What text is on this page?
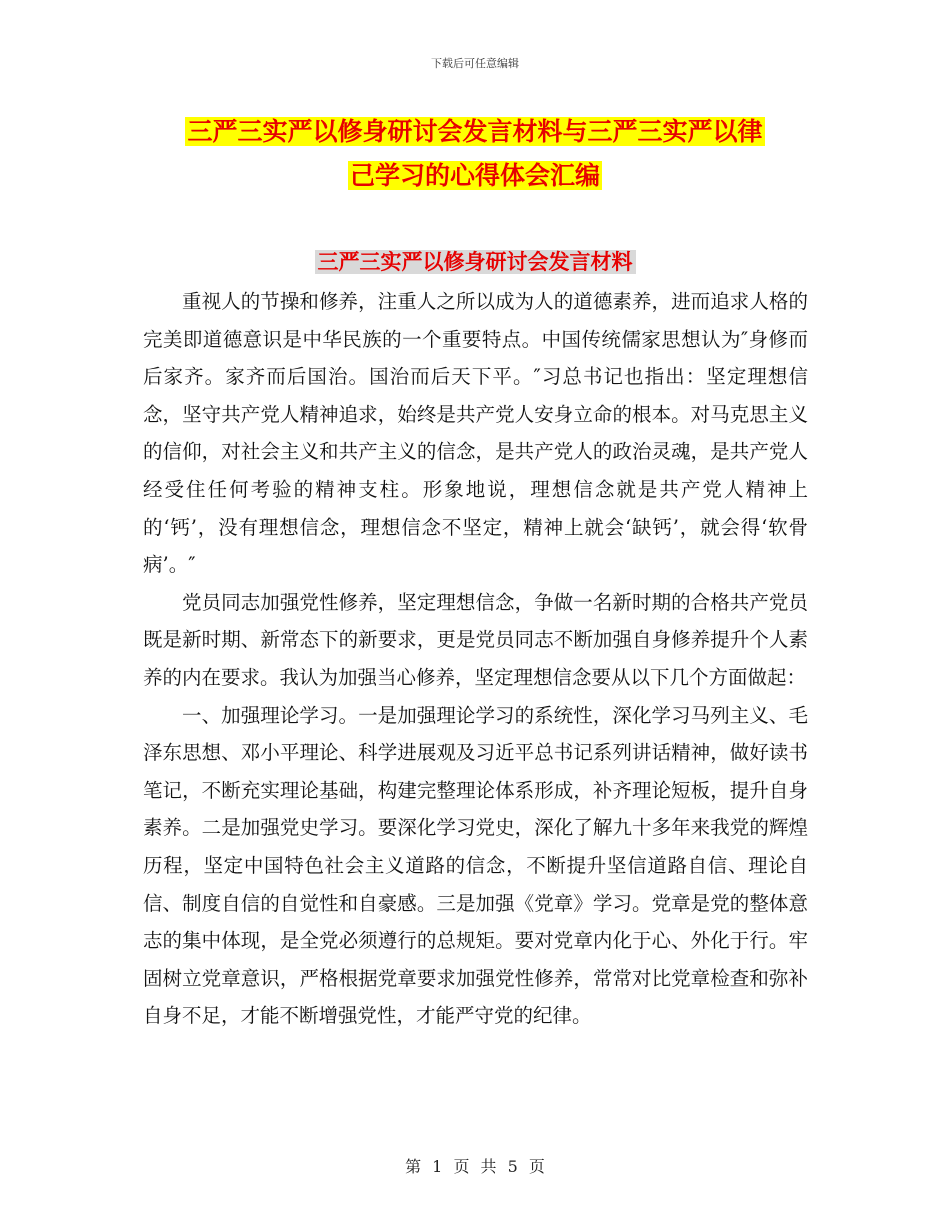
下载后可任意编辑
三严三实严以修身研讨会发言材料与三严三实严以律
己学习的心得体会汇编
三严三实严以修身研讨会发言材料

重视人的节操和修养，注重人之所以成为人的道德素养，进而追求人格的完美即道德意识是中华民族的一个重要特点。中国传统儒家思想认为″身修而后家齐。家齐而后国治。国治而后天下平。″习总书记也指出：坚定理想信念，坚守共产党人精神追求，始终是共产党人安身立命的根本。对马克思主义的信仰，对社会主义和共产主义的信念，是共产党人的政治灵魂，是共产党人经受住任何考验的精神支柱。形象地说，理想信念就是共产党人精神上的‘钙’，没有理想信念，理想信念不坚定，精神上就会‘缺钙’，就会得‘软骨病’。″

党员同志加强党性修养，坚定理想信念，争做一名新时期的合格共产党员既是新时期、新常态下的新要求，更是党员同志不断加强自身修养提升个人素养的内在要求。我认为加强当心修养，坚定理想信念要从以下几个方面做起：

一、加强理论学习。一是加强理论学习的系统性，深化学习马列主义、毛泽东思想、邓小平理论、科学进展观及习近平总书记系列讲话精神，做好读书笔记，不断充实理论基础，构建完整理论体系形成，补齐理论短板，提升自身素养。二是加强党史学习。要深化学习党史，深化了解九十多年来我党的辉煌历程，坚定中国特色社会主义道路的信念，不断提升坚信道路自信、理论自信、制度自信的自觉性和自豪感。三是加强《党章》学习。党章是党的整体意志的集中体现，是全党必须遵行的总规矩。要对党章内化于心、外化于行。牢固树立党章意识，严格根据党章要求加强党性修养，常常对比党章检查和弥补自身不足，才能不断增强党性，才能严守党的纪律。

第 1 页 共 5 页
